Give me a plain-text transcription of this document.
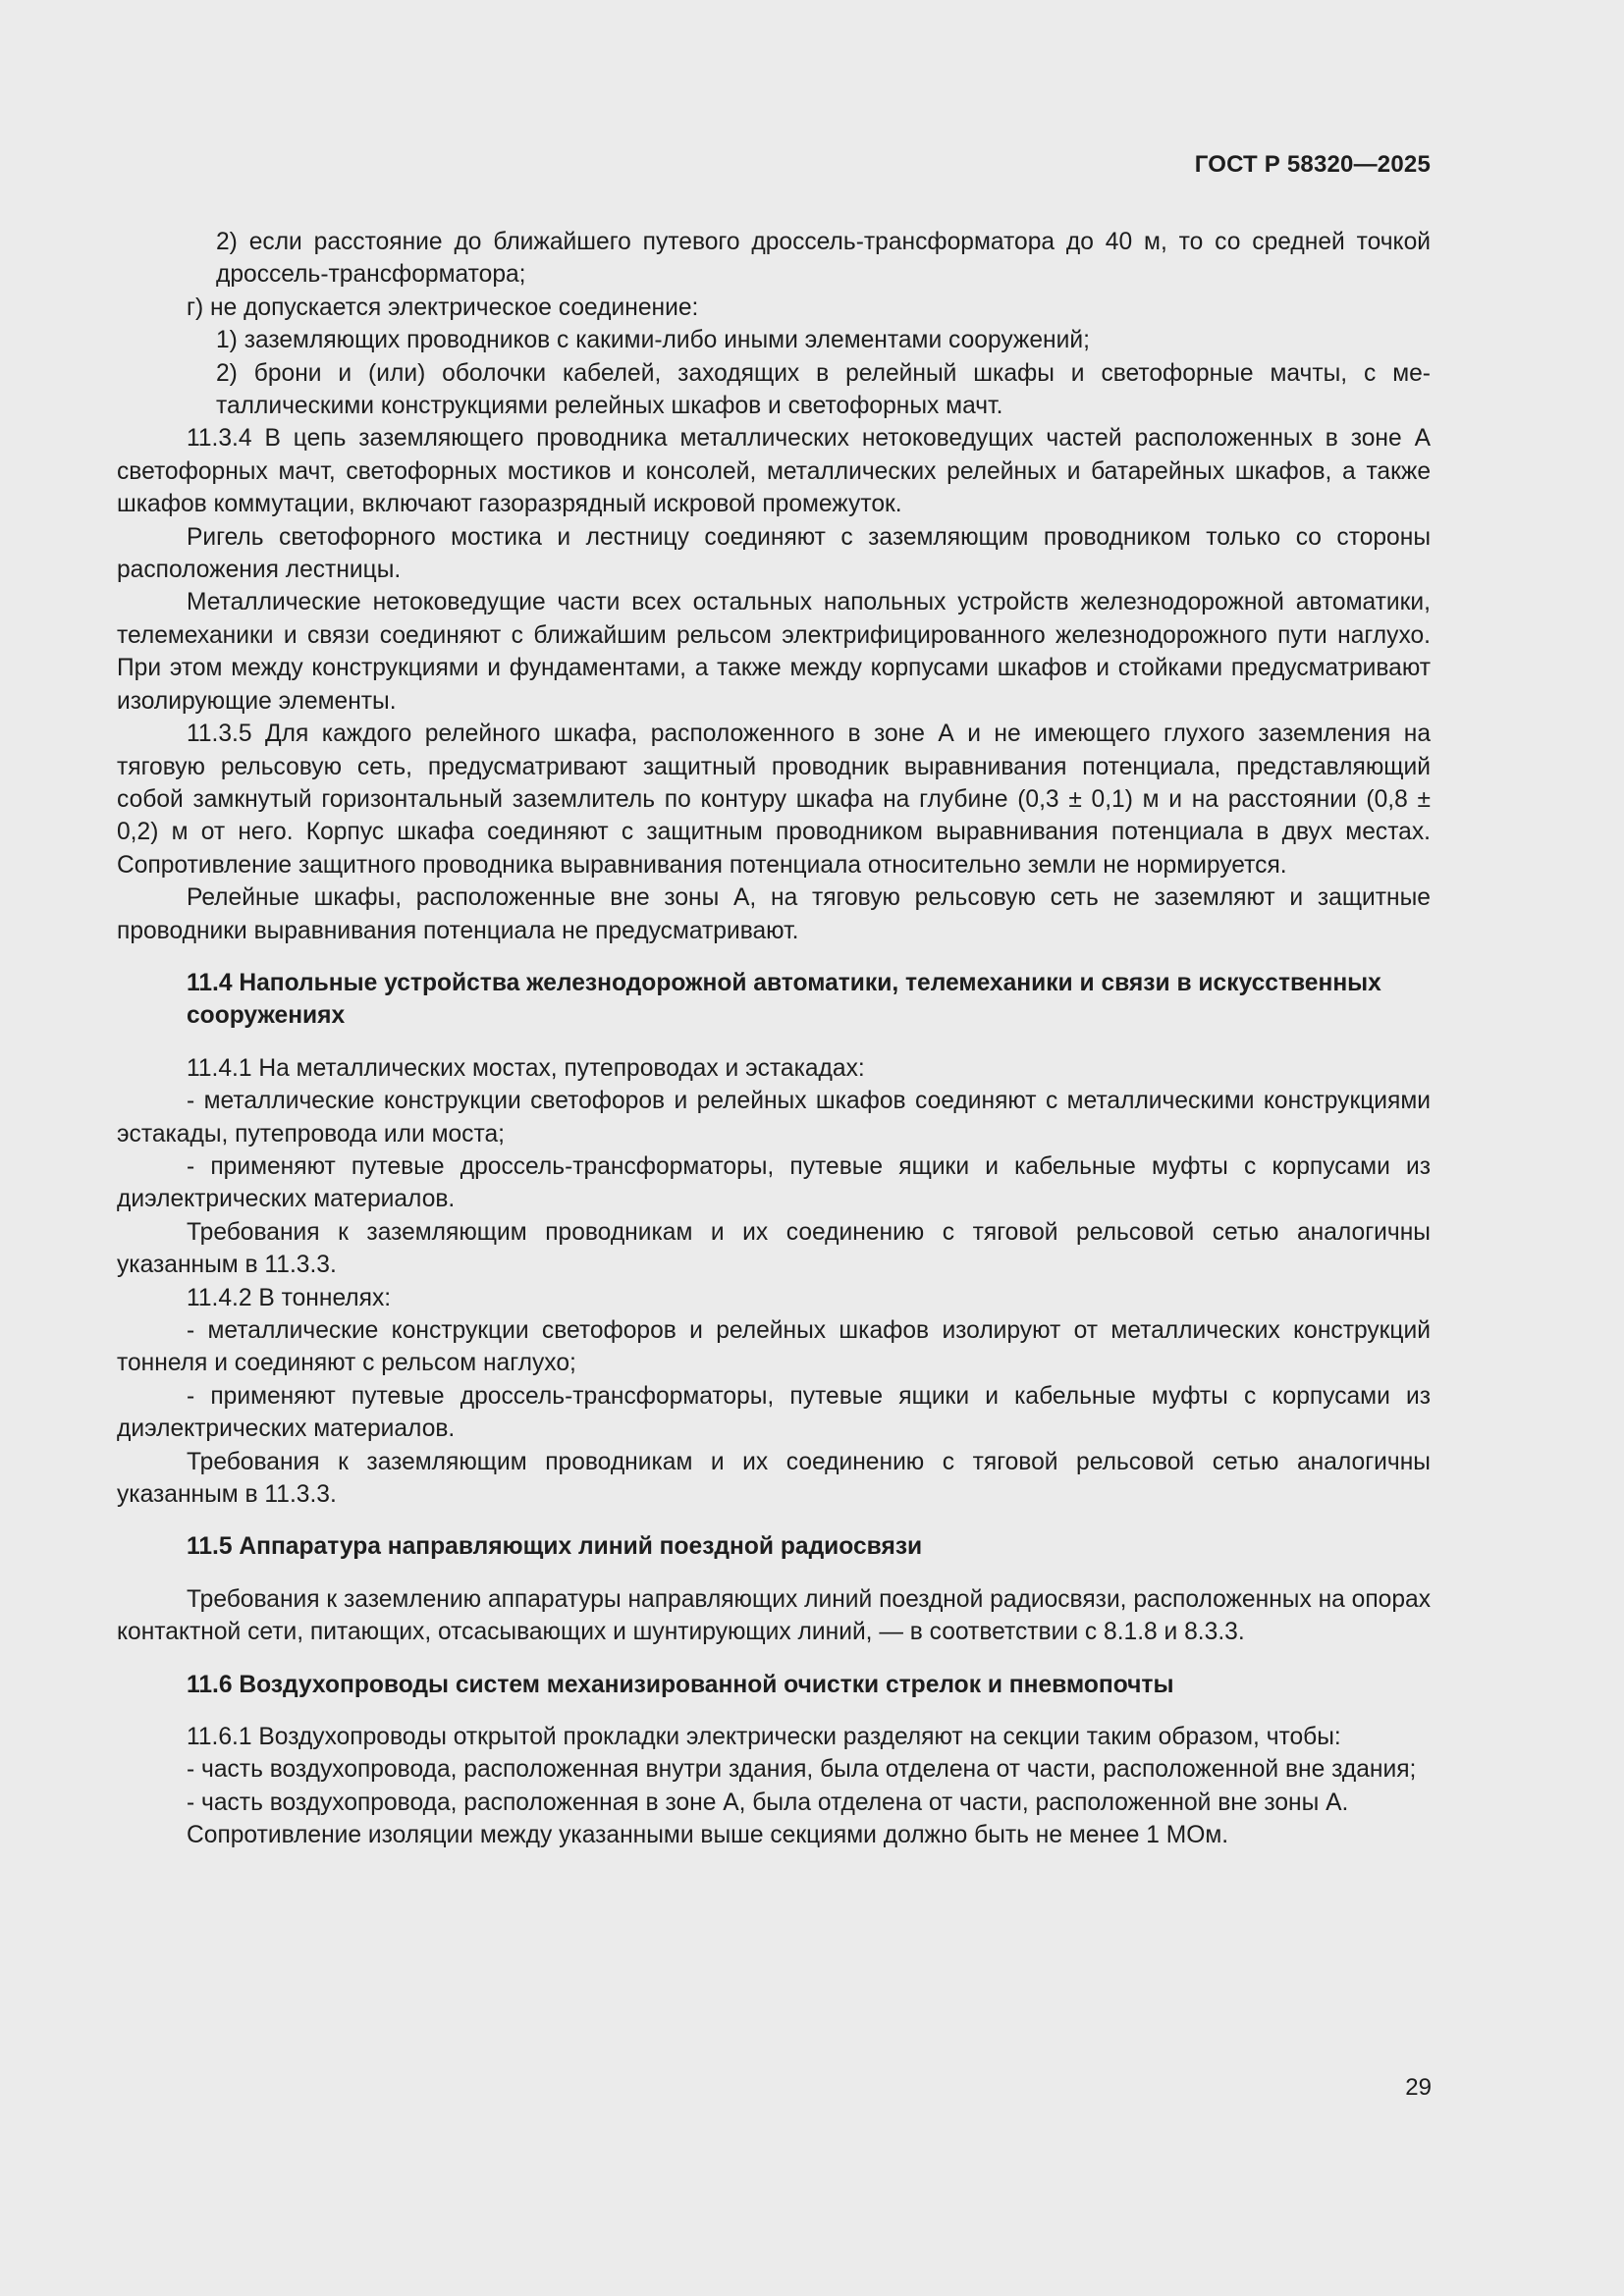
ГОСТ Р 58320—2025

2) если расстояние до ближайшего путевого дроссель-трансформатора до 40 м, то со средней точкой дроссель-трансформатора;

г) не допускается электрическое соединение:

1) заземляющих проводников с какими-либо иными элементами сооружений;

2) брони и (или) оболочки кабелей, заходящих в релейный шкафы и светофорные мачты, с металлическими конструкциями релейных шкафов и светофорных мачт.

11.3.4 В цепь заземляющего проводника металлических нетоковедущих частей расположенных в зоне А светофорных мачт, светофорных мостиков и консолей, металлических релейных и батарейных шкафов, а также шкафов коммутации, включают газоразрядный искровой промежуток.

Ригель светофорного мостика и лестницу соединяют с заземляющим проводником только со стороны расположения лестницы.

Металлические нетоковедущие части всех остальных напольных устройств железнодорожной автоматики, телемеханики и связи соединяют с ближайшим рельсом электрифицированного железнодорожного пути наглухо. При этом между конструкциями и фундаментами, а также между корпусами шкафов и стойками предусматривают изолирующие элементы.

11.3.5 Для каждого релейного шкафа, расположенного в зоне А и не имеющего глухого заземления на тяговую рельсовую сеть, предусматривают защитный проводник выравнивания потенциала, представляющий собой замкнутый горизонтальный заземлитель по контуру шкафа на глубине (0,3 ± 0,1) м и на расстоянии (0,8 ± 0,2) м от него. Корпус шкафа соединяют с защитным проводником выравнивания потенциала в двух местах. Сопротивление защитного проводника выравнивания потенциала относительно земли не нормируется.

Релейные шкафы, расположенные вне зоны А, на тяговую рельсовую сеть не заземляют и защитные проводники выравнивания потенциала не предусматривают.

11.4 Напольные устройства железнодорожной автоматики, телемеханики и связи в искусственных сооружениях

11.4.1 На металлических мостах, путепроводах и эстакадах:

- металлические конструкции светофоров и релейных шкафов соединяют с металлическими конструкциями эстакады, путепровода или моста;

- применяют путевые дроссель-трансформаторы, путевые ящики и кабельные муфты с корпусами из диэлектрических материалов.

Требования к заземляющим проводникам и их соединению с тяговой рельсовой сетью аналогичны указанным в 11.3.3.

11.4.2 В тоннелях:

- металлические конструкции светофоров и релейных шкафов изолируют от металлических конструкций тоннеля и соединяют с рельсом наглухо;

- применяют путевые дроссель-трансформаторы, путевые ящики и кабельные муфты с корпусами из диэлектрических материалов.

Требования к заземляющим проводникам и их соединению с тяговой рельсовой сетью аналогичны указанным в 11.3.3.

11.5 Аппаратура направляющих линий поездной радиосвязи

Требования к заземлению аппаратуры направляющих линий поездной радиосвязи, расположенных на опорах контактной сети, питающих, отсасывающих и шунтирующих линий, — в соответствии с 8.1.8 и 8.3.3.

11.6 Воздухопроводы систем механизированной очистки стрелок и пневмопочты

11.6.1 Воздухопроводы открытой прокладки электрически разделяют на секции таким образом, чтобы:

- часть воздухопровода, расположенная внутри здания, была отделена от части, расположенной вне здания;

- часть воздухопровода, расположенная в зоне А, была отделена от части, расположенной вне зоны А.

Сопротивление изоляции между указанными выше секциями должно быть не менее 1 МОм.

29
